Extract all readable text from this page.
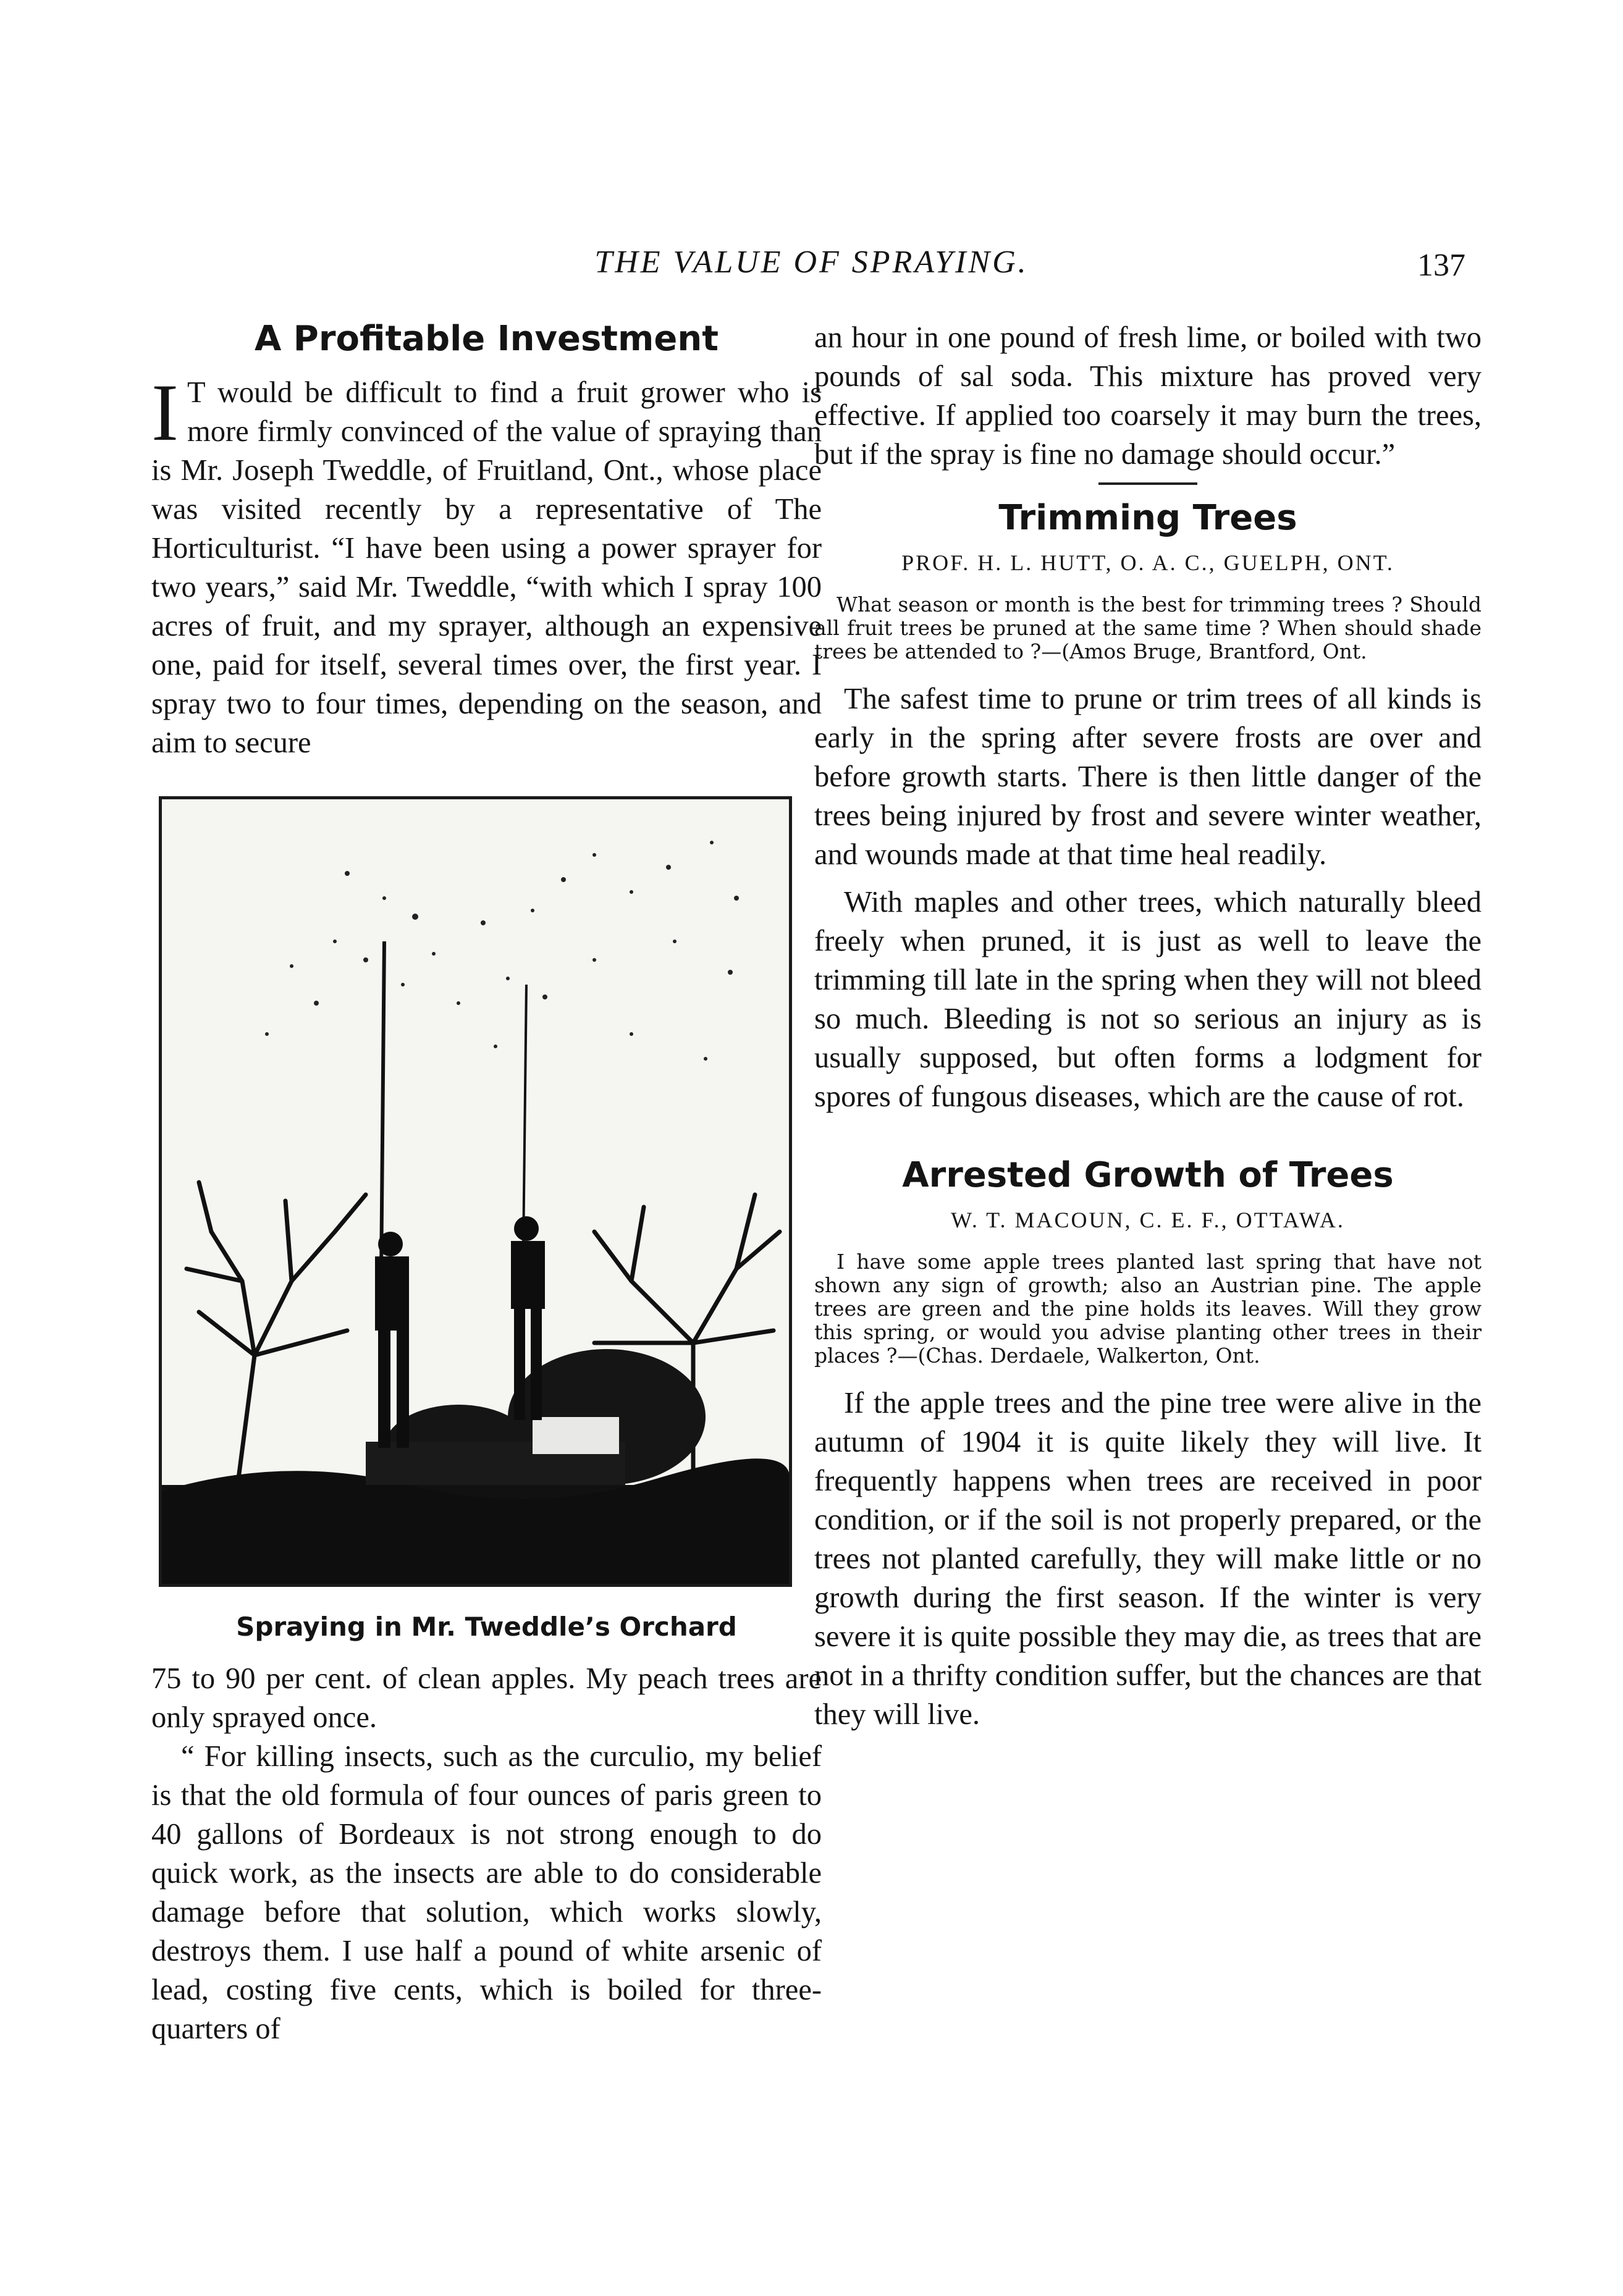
THE VALUE OF SPRAYING.	137
A Profitable Investment

I T would be difficult to find a fruit grower who is more firmly convinced of the value of spraying than is Mr. Joseph Tweddle, of Fruitland, Ont., whose place was visited recently by a representative of The Horticulturist. “I have been using a power sprayer for two years,” said Mr. Tweddle, “with which I spray 100 acres of fruit, and my sprayer, although an expensive one, paid for itself, several times over, the first year. I spray two to four times, depending on the season, and aim to secure

Spraying in Mr. Tweddle’s Orchard

75 to 90 per cent. of clean apples. My peach trees are only sprayed once.

“ For killing insects, such as the curculio, my belief is that the old formula of four ounces of paris green to 40 gallons of Bordeaux is not strong enough to do quick work, as the insects are able to do considerable damage before that solution, which works slowly, destroys them. I use half a pound of white arsenic of lead, costing five cents, which is boiled for three-quarters of

an hour in one pound of fresh lime, or boiled with two pounds of sal soda. This mixture has proved very effective. If applied too coarsely it may burn the trees, but if the spray is fine no damage should occur.”

Trimming Trees

PROF. H. L. HUTT, O. A. C., GUELPH, ONT.

What season or month is the best for trimming trees ? Should all fruit trees be pruned at the same time ? When should shade trees be attended to ?—(Amos Bruge, Brantford, Ont.

The safest time to prune or trim trees of all kinds is early in the spring after severe frosts are over and before growth starts. There is then little danger of the trees being injured by frost and severe winter weather, and wounds made at that time heal readily.

With maples and other trees, which naturally bleed freely when pruned, it is just as well to leave the trimming till late in the spring when they will not bleed so much. Bleeding is not so serious an injury as is usually supposed, but often forms a lodgment for spores of fungous diseases, which are the cause of rot.

Arrested Growth of Trees

W. T. MACOUN, C. E. F., OTTAWA.

I have some apple trees planted last spring that have not shown any sign of growth; also an Austrian pine. The apple trees are green and the pine holds its leaves. Will they grow this spring, or would you advise planting other trees in their places ?—(Chas. Derdaele, Walkerton, Ont.

If the apple trees and the pine tree were alive in the autumn of 1904 it is quite likely they will live. It frequently happens when trees are received in poor condition, or if the soil is not properly prepared, or the trees not planted carefully, they will make little or no growth during the first season. If the winter is very severe it is quite possible they may die, as trees that are not in a thrifty condition suffer, but the chances are that they will live.
